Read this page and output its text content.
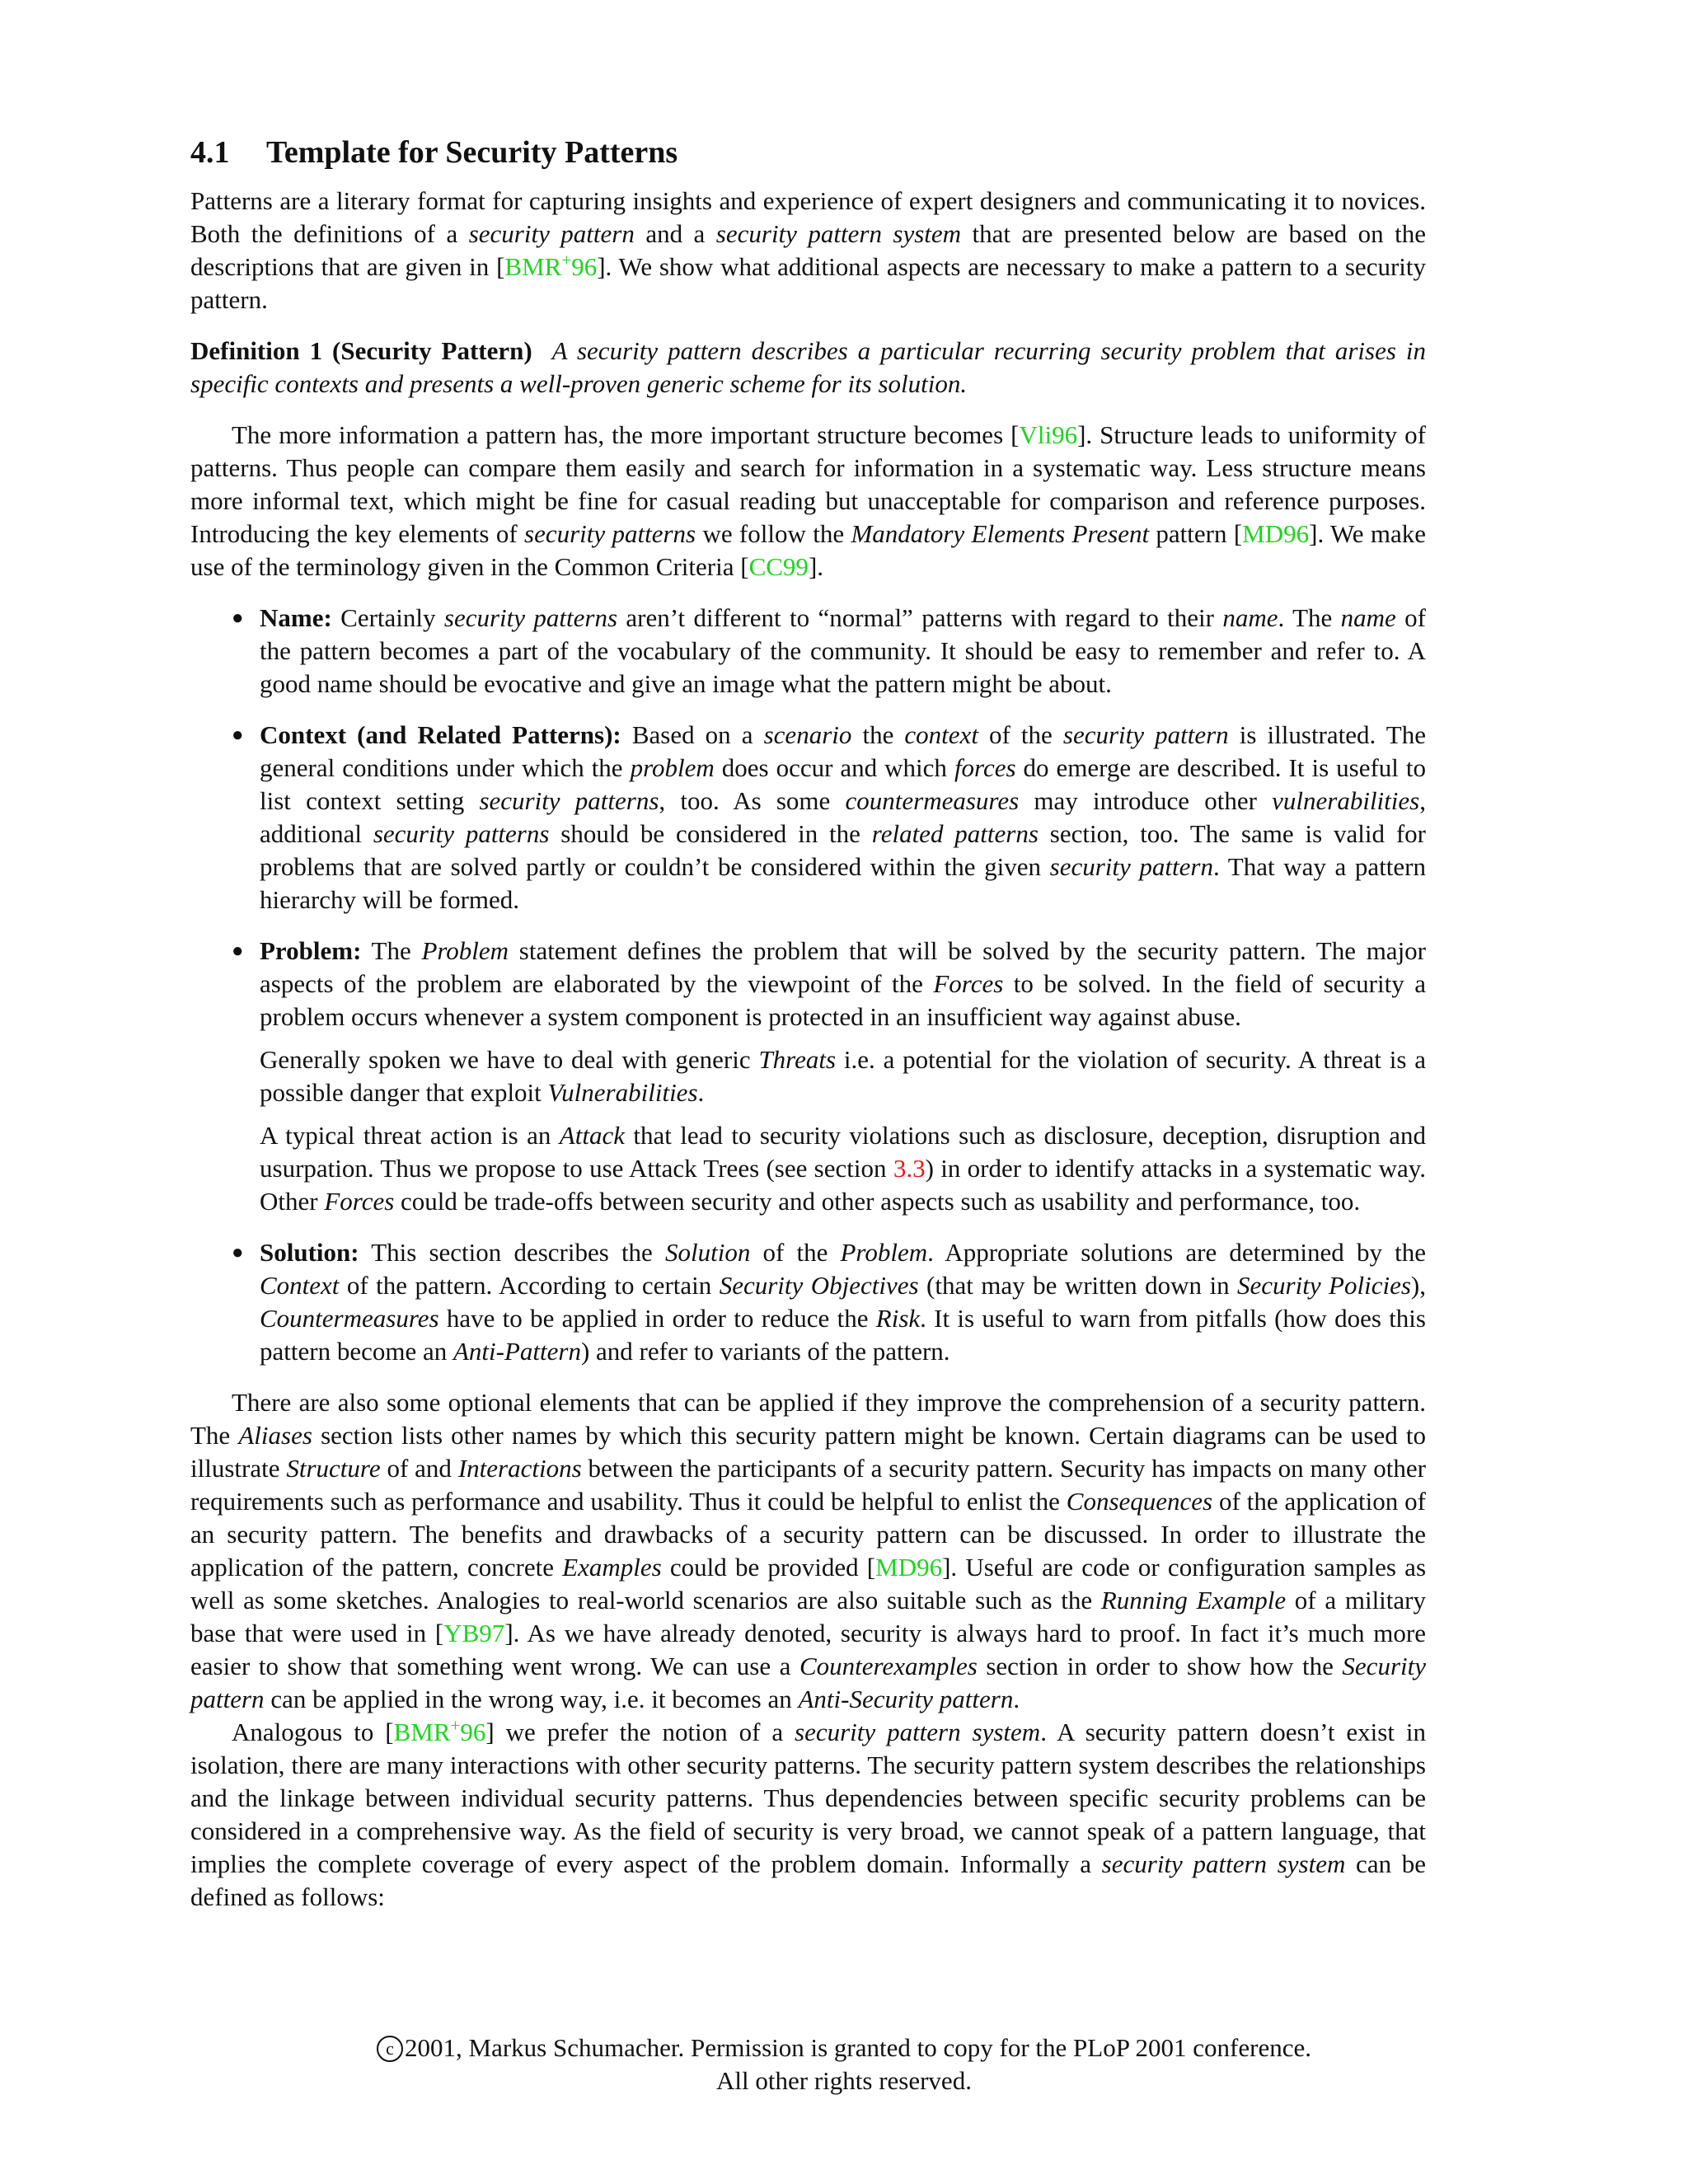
4.1 Template for Security Patterns

Patterns are a literary format for capturing insights and experience of expert designers and communicating it to novices. Both the definitions of a security pattern and a security pattern system that are presented below are based on the descriptions that are given in [BMR+96]. We show what additional aspects are necessary to make a pattern to a security pattern.

Definition 1 (Security Pattern) A security pattern describes a particular recurring security problem that arises in specific contexts and presents a well-proven generic scheme for its solution.

The more information a pattern has, the more important structure becomes [Vli96]. Structure leads to uniformity of patterns. Thus people can compare them easily and search for information in a systematic way. Less structure means more informal text, which might be fine for casual reading but unacceptable for comparison and reference purposes. Introducing the key elements of security patterns we follow the Mandatory Elements Present pattern [MD96]. We make use of the terminology given in the Common Criteria [CC99].

● Name: Certainly security patterns aren’t different to “normal” patterns with regard to their name. The name of the pattern becomes a part of the vocabulary of the community. It should be easy to remember and refer to. A good name should be evocative and give an image what the pattern might be about.

● Context (and Related Patterns): Based on a scenario the context of the security pattern is illustrated. The general conditions under which the problem does occur and which forces do emerge are described. It is useful to list context setting security patterns, too. As some countermeasures may introduce other vulnerabilities, additional security patterns should be considered in the related patterns section, too. The same is valid for problems that are solved partly or couldn’t be considered within the given security pattern. That way a pattern hierarchy will be formed.

● Problem: The Problem statement defines the problem that will be solved by the security pattern. The major aspects of the problem are elaborated by the viewpoint of the Forces to be solved. In the field of security a problem occurs whenever a system component is protected in an insufficient way against abuse.

Generally spoken we have to deal with generic Threats i.e. a potential for the violation of security. A threat is a possible danger that exploit Vulnerabilities.

A typical threat action is an Attack that lead to security violations such as disclosure, deception, disruption and usurpation. Thus we propose to use Attack Trees (see section 3.3) in order to identify attacks in a systematic way. Other Forces could be trade-offs between security and other aspects such as usability and performance, too.

● Solution: This section describes the Solution of the Problem. Appropriate solutions are determined by the Context of the pattern. According to certain Security Objectives (that may be written down in Security Policies), Countermeasures have to be applied in order to reduce the Risk. It is useful to warn from pitfalls (how does this pattern become an Anti-Pattern) and refer to variants of the pattern.

There are also some optional elements that can be applied if they improve the comprehension of a security pattern. The Aliases section lists other names by which this security pattern might be known. Certain diagrams can be used to illustrate Structure of and Interactions between the participants of a security pattern. Security has impacts on many other requirements such as performance and usability. Thus it could be helpful to enlist the Consequences of the application of an security pattern. The benefits and drawbacks of a security pattern can be discussed. In order to illustrate the application of the pattern, concrete Examples could be provided [MD96]. Useful are code or configuration samples as well as some sketches. Analogies to real-world scenarios are also suitable such as the Running Example of a military base that were used in [YB97]. As we have already denoted, security is always hard to proof. In fact it’s much more easier to show that something went wrong. We can use a Counterexamples section in order to show how the Security pattern can be applied in the wrong way, i.e. it becomes an Anti-Security pattern.

Analogous to [BMR+96] we prefer the notion of a security pattern system. A security pattern doesn’t exist in isolation, there are many interactions with other security patterns. The security pattern system describes the relationships and the linkage between individual security patterns. Thus dependencies between specific security problems can be considered in a comprehensive way. As the field of security is very broad, we cannot speak of a pattern language, that implies the complete coverage of every aspect of the problem domain. Informally a security pattern system can be defined as follows:

c 2001, Markus Schumacher. Permission is granted to copy for the PLoP 2001 conference.
All other rights reserved.
